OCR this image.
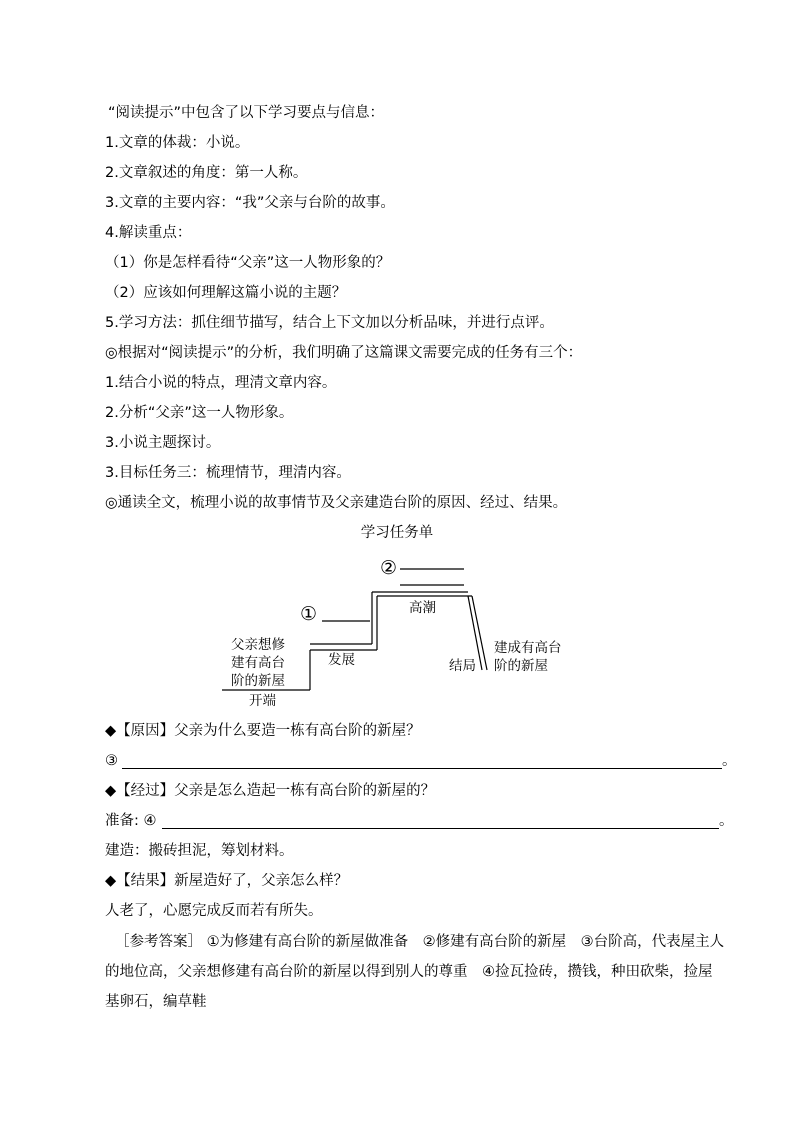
“阅读提示”中包含了以下学习要点与信息：
1.文章的体裁：小说。
2.文章叙述的角度：第一人称。
3.文章的主要内容：“我”父亲与台阶的故事。
4.解读重点：
（1）你是怎样看待“父亲”这一人物形象的？
（2）应该如何理解这篇小说的主题？
5.学习方法：抓住细节描写，结合上下文加以分析品味，并进行点评。
◎根据对“阅读提示”的分析，我们明确了这篇课文需要完成的任务有三个：
1.结合小说的特点，理清文章内容。
2.分析“父亲”这一人物形象。
3.小说主题探讨。
3.目标任务三：梳理情节，理清内容。
◎通读全文，梳理小说的故事情节及父亲建造台阶的原因、经过、结果。
学习任务单
②
①	高潮
发展
父亲想修
建有高台
阶的新屋
开端
结局
建成有高台
阶的新屋
◆【原因】父亲为什么要造一栋有高台阶的新屋？
③	。
◆【经过】父亲是怎么造起一栋有高台阶的新屋的？
准备: ④	。
建造：搬砖担泥，筹划材料。
◆【结果】新屋造好了，父亲怎么样？
人老了，心愿完成反而若有所失。
［参考答案］ ①为修建有高台阶的新屋做准备　②修建有高台阶的新屋　③台阶高，代表屋主人的地位高，父亲想修建有高台阶的新屋以得到别人的尊重　④捡瓦捡砖，攒钱，种田砍柴，捡屋基卵石，编草鞋
